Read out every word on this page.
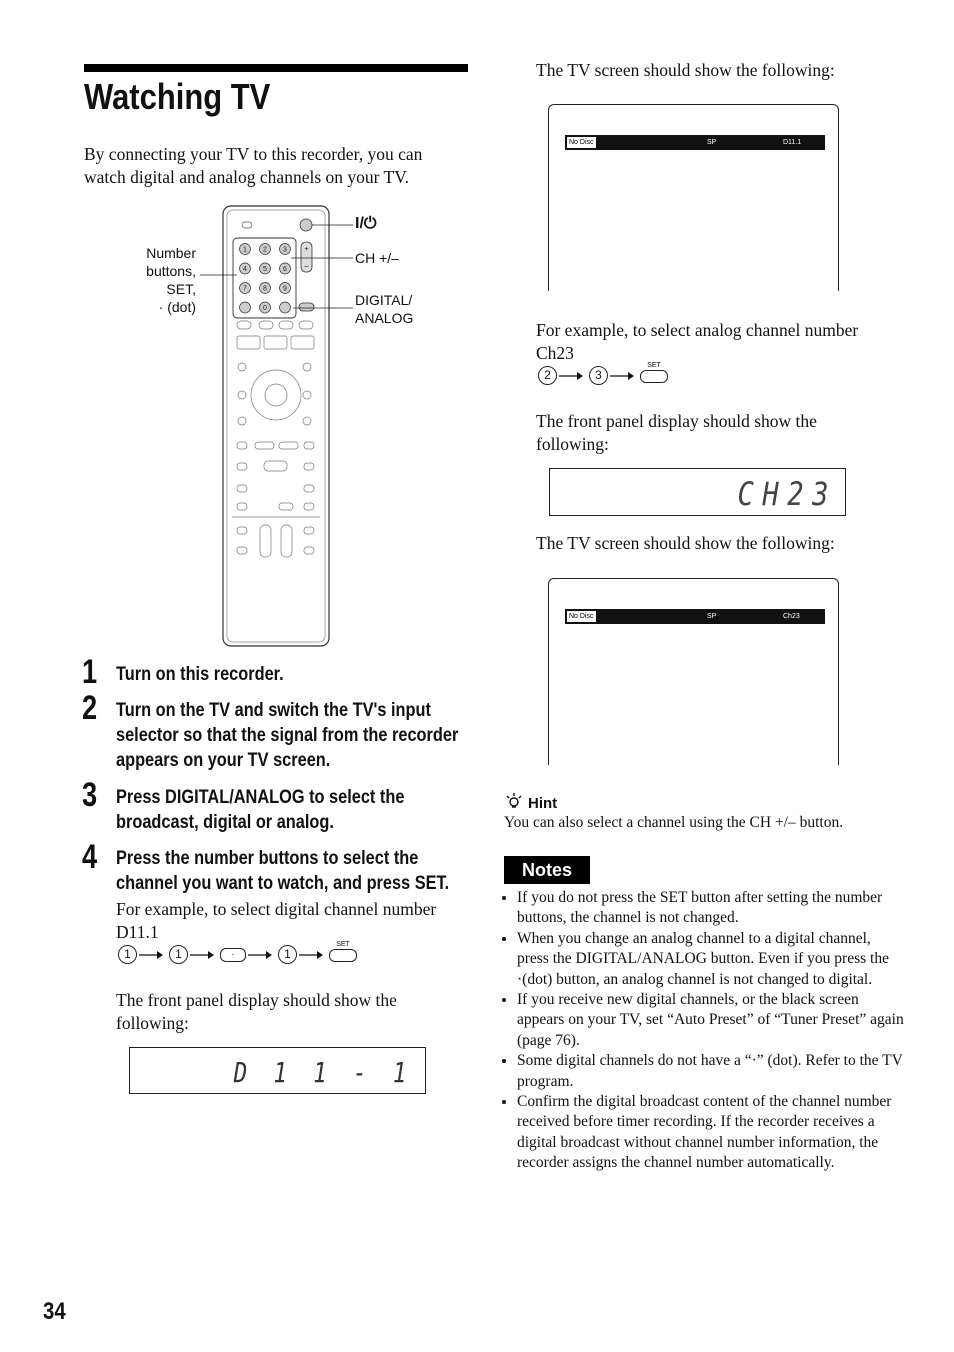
Watching TV
By connecting your TV to this recorder, you can watch digital and analog channels on your TV.
1 2 3
4 5 6
7 8 9
0
+
–
Number
buttons,
SET,
· (dot)
I/⏻
CH +/–
DIGITAL/
ANALOG
1 Turn on this recorder.
2 Turn on the TV and switch the TV's input selector so that the signal from the recorder appears on your TV screen.
3 Press DIGITAL/ANALOG to select the broadcast, digital or analog.
4 Press the number buttons to select the channel you want to watch, and press SET.
For example, to select digital channel number D11.1
1	1	·	1
SET
The front panel display should show the following:
D 1 1 - 1
The TV screen should show the following:
No Disc	SP	D11.1
For example, to select analog channel number Ch23
2	3
SET
The front panel display should show the following:
CH23
The TV screen should show the following:
No Disc	SP	Ch23
Hint
You can also select a channel using the CH +/– button.
Notes
• If you do not press the SET button after setting the number buttons, the channel is not changed.
• When you change an analog channel to a digital channel, press the DIGITAL/ANALOG button. Even if you press the ·(dot) button, an analog channel is not changed to digital.
• If you receive new digital channels, or the black screen appears on your TV, set “Auto Preset” of “Tuner Preset” again (page 76).
• Some digital channels do not have a “·” (dot). Refer to the TV program.
• Confirm the digital broadcast content of the channel number received before timer recording. If the recorder receives a digital broadcast without channel number information, the recorder assigns the channel number automatically.
34
